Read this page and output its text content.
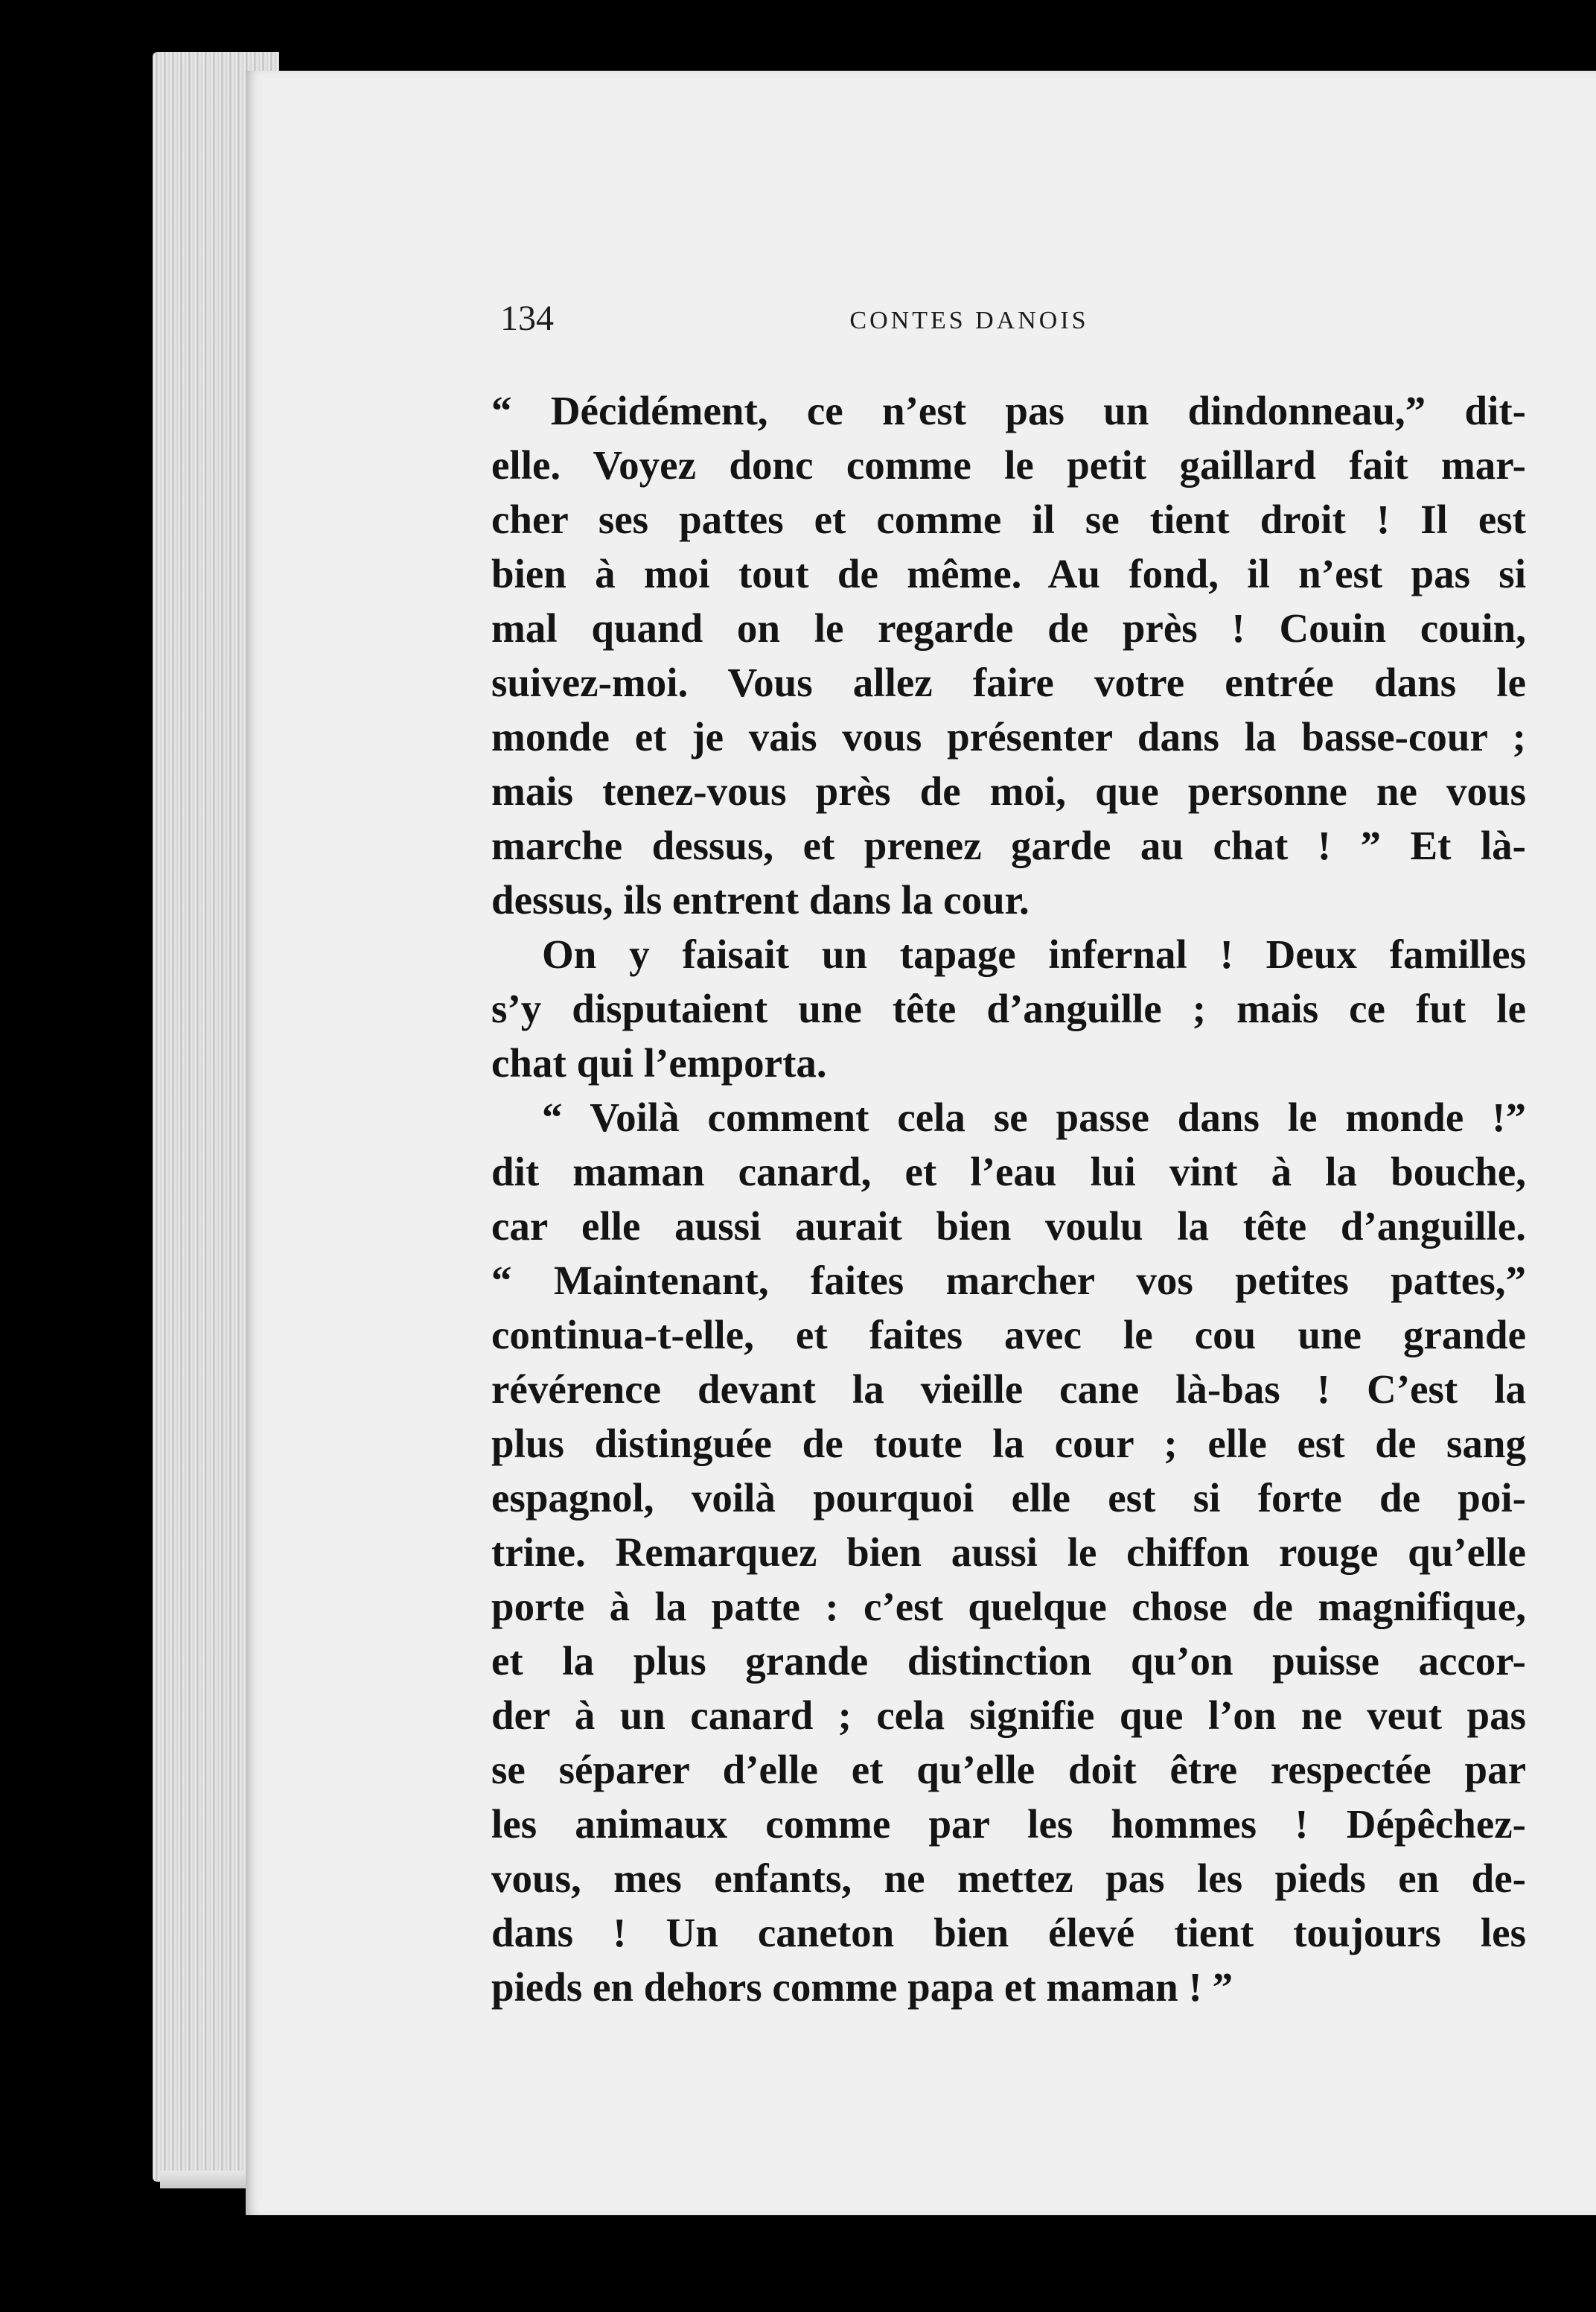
134	CONTES DANOIS
“ Décidément, ce n’est pas un dindonneau,” dit-
elle. Voyez donc comme le petit gaillard fait mar-
cher ses pattes et comme il se tient droit ! Il est
bien à moi tout de même. Au fond, il n’est pas si
mal quand on le regarde de près ! Couin couin,
suivez-moi. Vous allez faire votre entrée dans le
monde et je vais vous présenter dans la basse-cour ;
mais tenez-vous près de moi, que personne ne vous
marche dessus, et prenez garde au chat ! ” Et là-
dessus, ils entrent dans la cour.
On y faisait un tapage infernal ! Deux familles
s’y disputaient une tête d’anguille ; mais ce fut le
chat qui l’emporta.
“ Voilà comment cela se passe dans le monde !”
dit maman canard, et l’eau lui vint à la bouche,
car elle aussi aurait bien voulu la tête d’anguille.
“ Maintenant, faites marcher vos petites pattes,”
continua-t-elle, et faites avec le cou une grande
révérence devant la vieille cane là-bas ! C’est la
plus distinguée de toute la cour ; elle est de sang
espagnol, voilà pourquoi elle est si forte de poi-
trine. Remarquez bien aussi le chiffon rouge qu’elle
porte à la patte : c’est quelque chose de magnifique,
et la plus grande distinction qu’on puisse accor-
der à un canard ; cela signifie que l’on ne veut pas
se séparer d’elle et qu’elle doit être respectée par
les animaux comme par les hommes ! Dépêchez-
vous, mes enfants, ne mettez pas les pieds en de-
dans ! Un caneton bien élevé tient toujours les
pieds en dehors comme papa et maman ! ”
